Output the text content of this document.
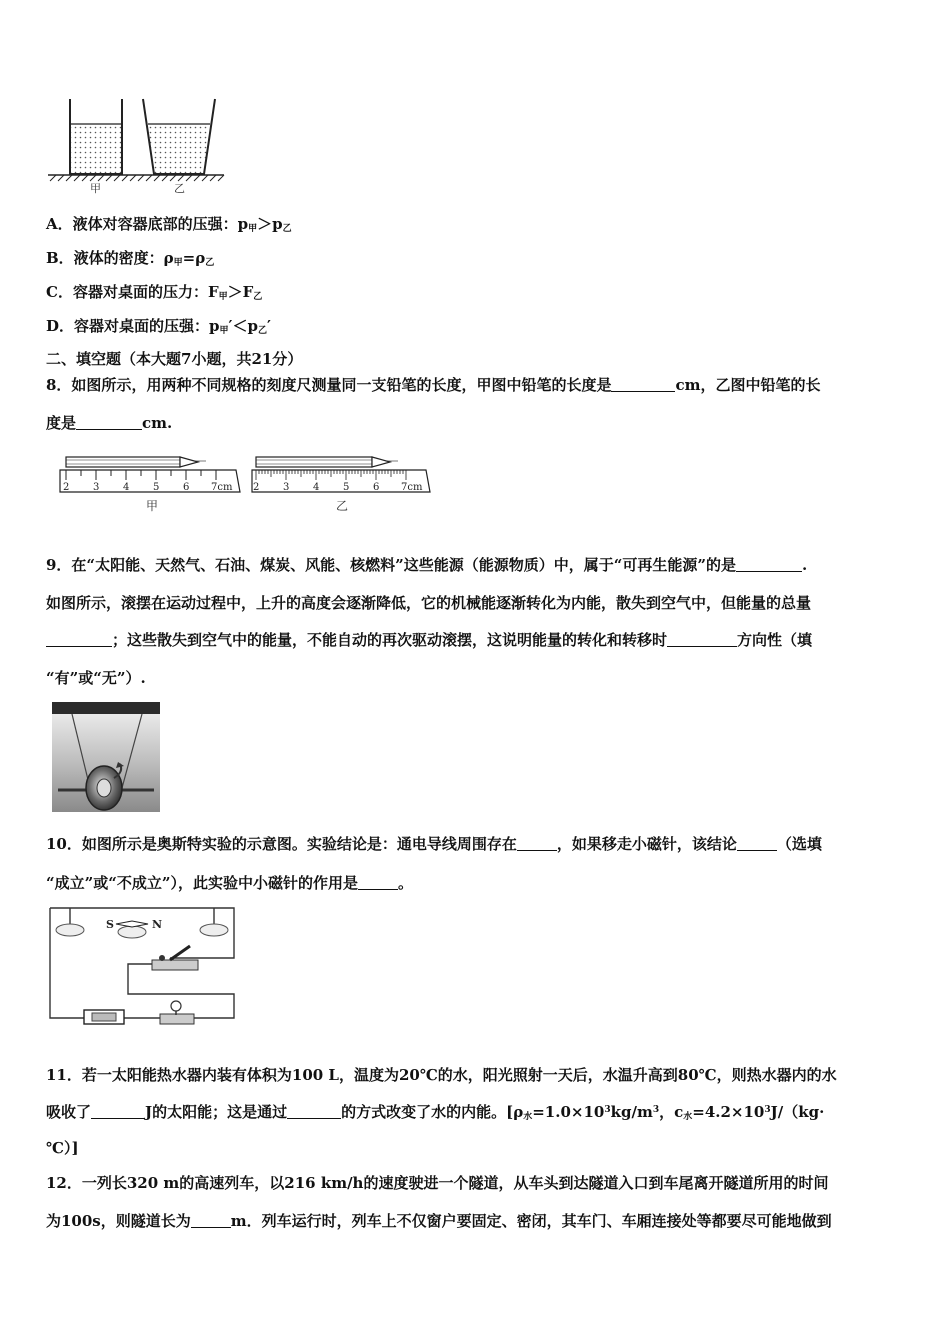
甲	乙
A．液体对容器底部的压强：$p_甲>p_乙$
B．液体的密度：$\rho_甲=\rho_乙$
C．容器对桌面的压力：$F_甲>F_乙$
D．容器对桌面的压强：$p_甲'<p_乙'$
二、填空题（本大题7小题，共21分）
8．如图所示，用两种不同规格的刻度尺测量同一支铅笔的长度，甲图中铅笔的长度是	cm，乙图中铅笔的长
度是	cm.
2 3 4 5 6 7cm
甲
2 3 4 5 6 7cm
乙
9．在“太阳能、天然气、石油、煤炭、风能、核燃料”这些能源（能源物质）中，属于“可再生能源”的是	.
如图所示，滚摆在运动过程中，上升的高度会逐渐降低，它的机械能逐渐转化为内能，散失到空气中，但能量的总量
；这些散失到空气中的能量，不能自动的再次驱动滚摆，这说明能量的转化和转移时	方向性（填
“有”或“无”）.
10．如图所示是奥斯特实验的示意图。实验结论是：通电导线周围存在	，如果移走小磁针，该结论	（选填
“成立”或“不成立”），此实验中小磁针的作用是	。
S	N
11．若一太阳能热水器内装有体积为100 L，温度为20℃的水，阳光照射一天后，水温升高到80℃，则热水器内的水
吸收了	J的太阳能；这是通过	的方式改变了水的内能。[$\rho_水=1.0\times 10^3kg/m^3$，$c_水=4.2\times 10^3J/(kg\cdot$
℃）]
12．一列长320 m的高速列车，以216 km/h的速度驶进一个隧道，从车头到达隧道入口到车尾离开隧道所用的时间
为100s，则隧道长为	m．列车运行时，列车上不仅窗户要固定、密闭，其车门、车厢连接处等都要尽可能地做到
